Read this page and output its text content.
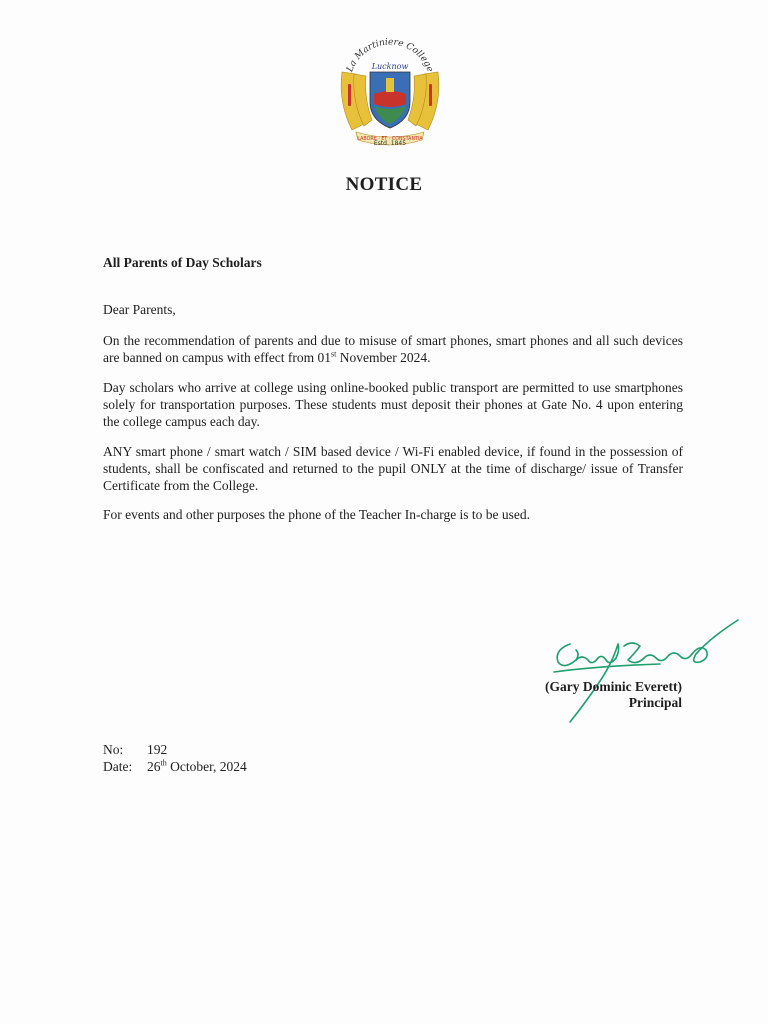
La Martiniere College
Lucknow
LABORE · ET · CONSTANTIA
Estd. 1845
NOTICE
All Parents of Day Scholars
Dear Parents,

On the recommendation of parents and due to misuse of smart phones, smart phones and all such devices are banned on campus with effect from 01st November 2024.

Day scholars who arrive at college using online-booked public transport are permitted to use smartphones solely for transportation purposes. These students must deposit their phones at Gate No. 4 upon entering the college campus each day.

ANY smart phone / smart watch / SIM based device / Wi-Fi enabled device, if found in the possession of students, shall be confiscated and returned to the pupil ONLY at the time of discharge/ issue of Transfer Certificate from the College.

For events and other purposes the phone of the Teacher In-charge is to be used.

(Gary Dominic Everett)
Principal
No: 192
Date: 26th October, 2024
